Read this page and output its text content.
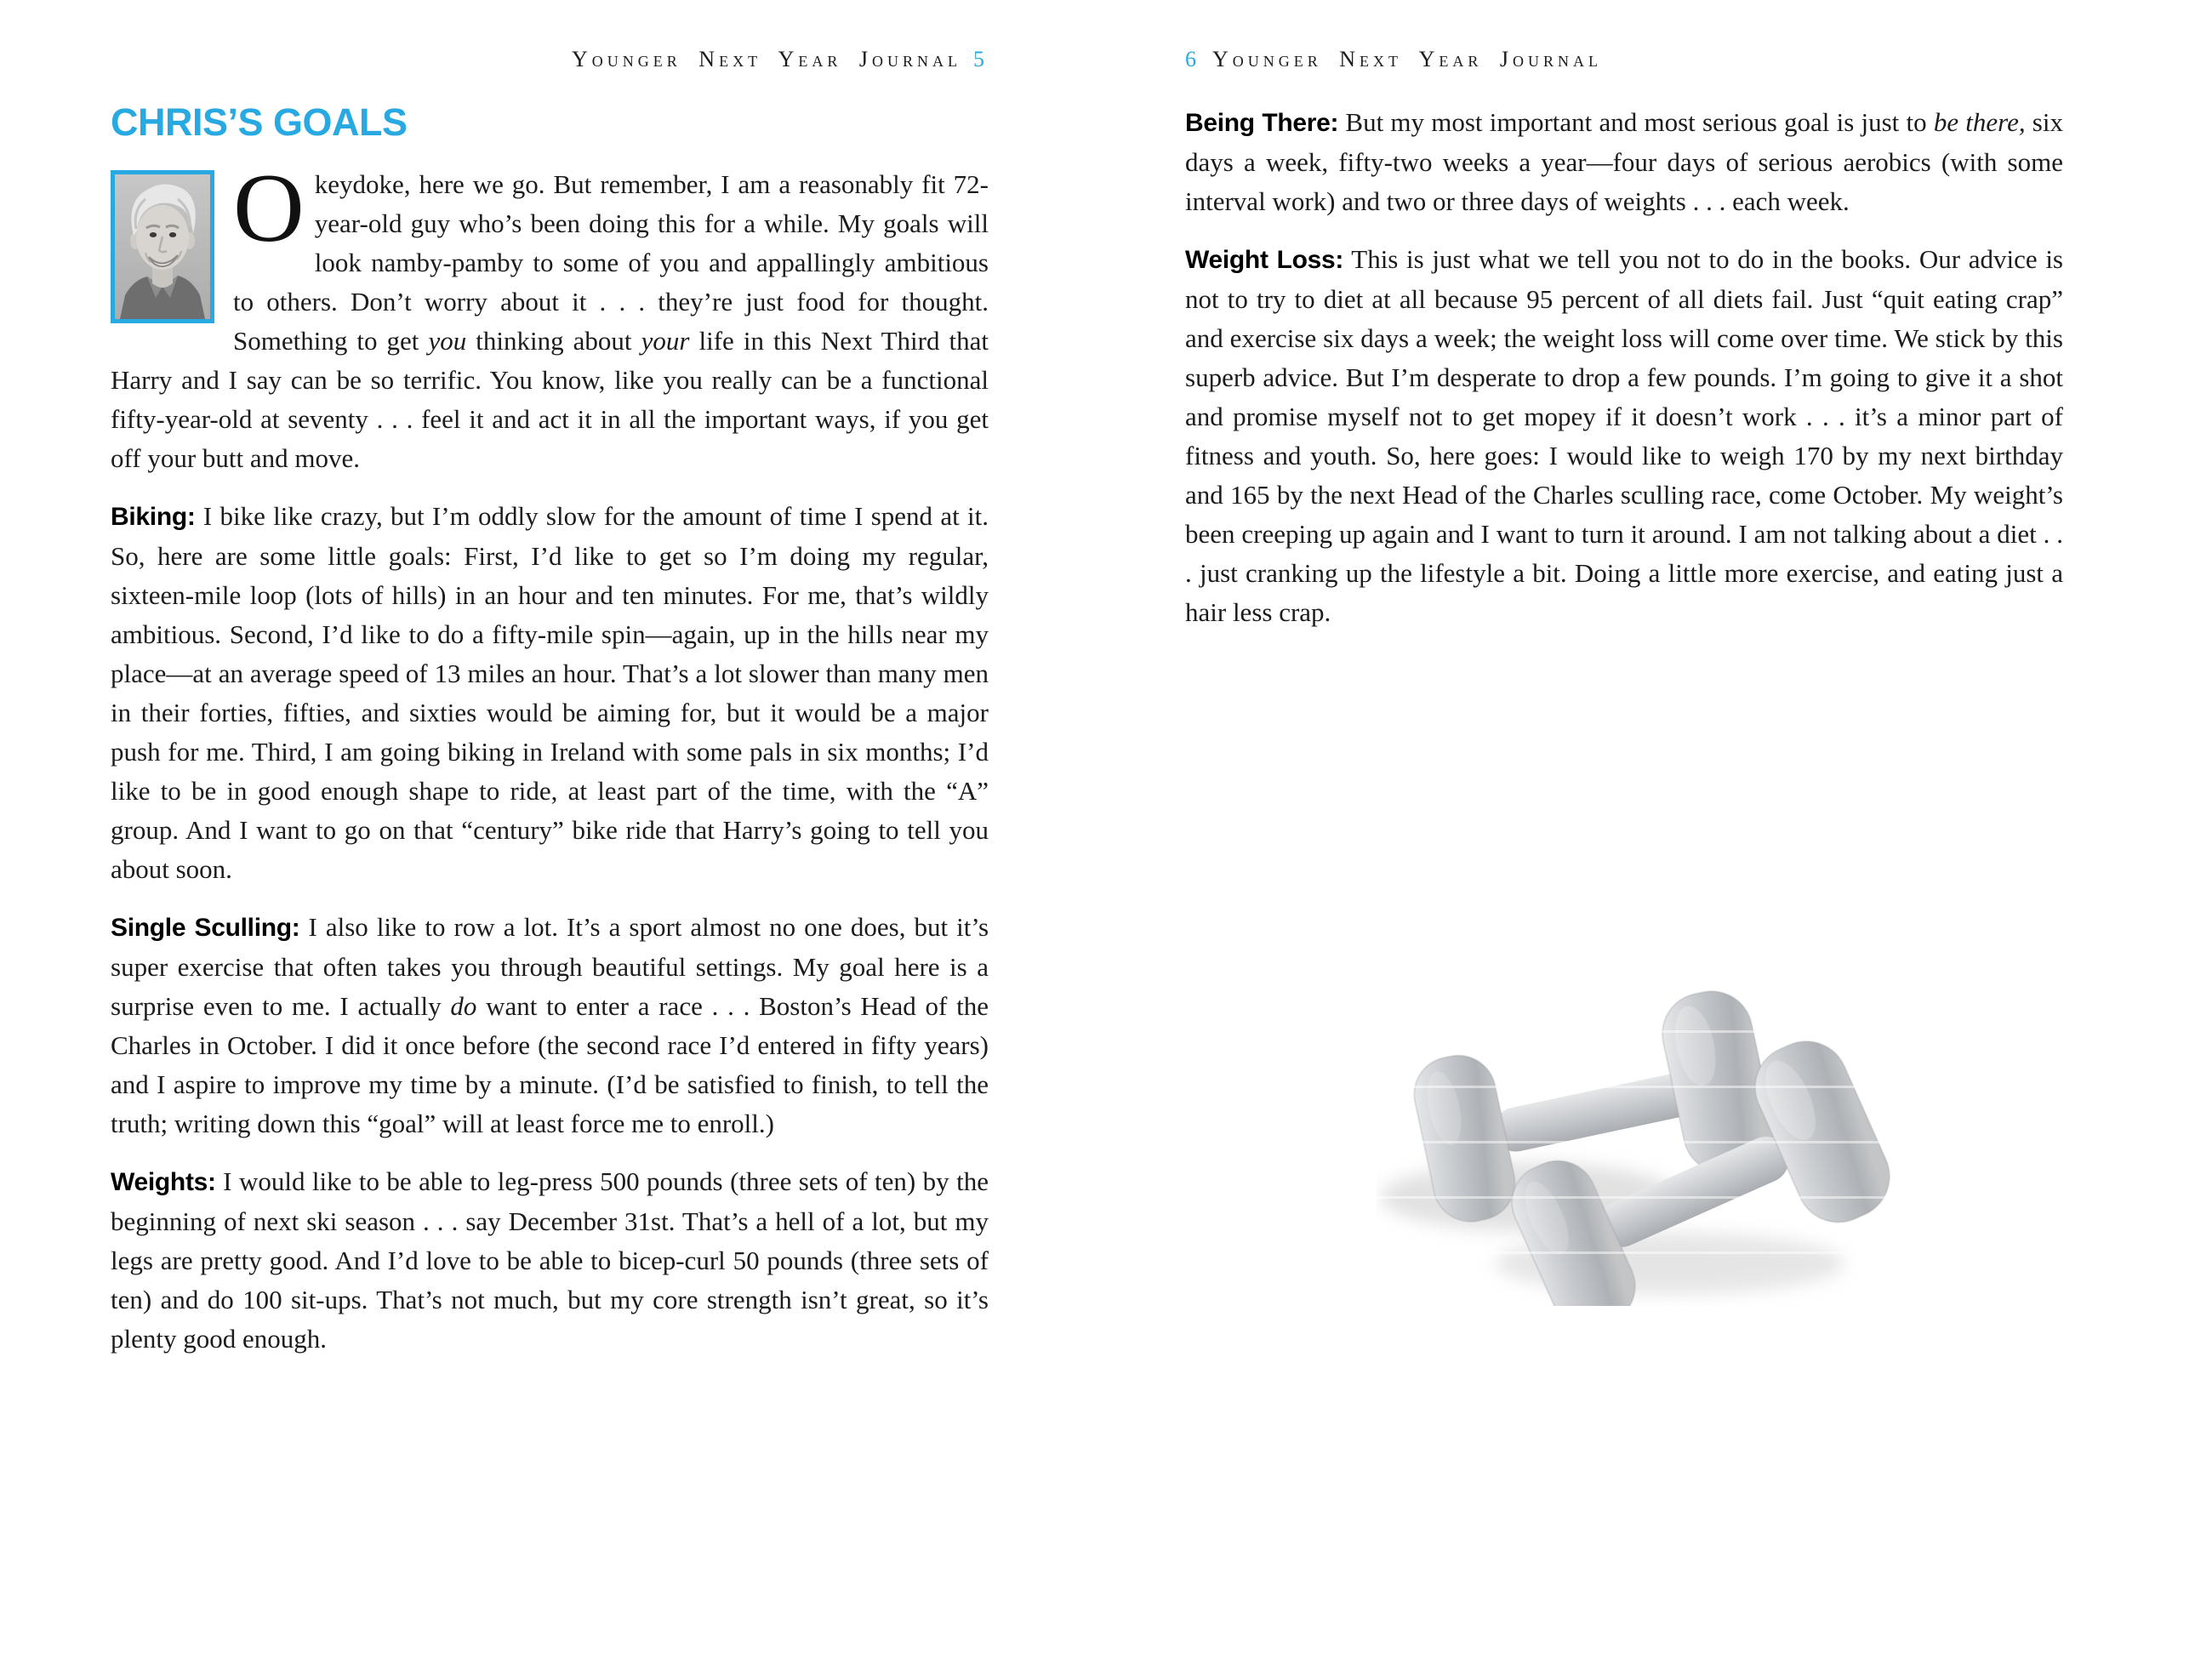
Younger Next Year Journal 5
CHRIS’S GOALS

Okeydoke, here we go. But remember, I am a reasonably fit 72-year-old guy who’s been doing this for a while. My goals will look namby-pamby to some of you and appallingly ambitious to others. Don’t worry about it . . . they’re just food for thought. Something to get you thinking about your life in this Next Third that Harry and I say can be so terrific. You know, like you really can be a functional fifty-year-old at seventy . . . feel it and act it in all the important ways, if you get off your butt and move.

Biking: I bike like crazy, but I’m oddly slow for the amount of time I spend at it. So, here are some little goals: First, I’d like to get so I’m doing my regular, sixteen-mile loop (lots of hills) in an hour and ten minutes. For me, that’s wildly ambitious. Second, I’d like to do a fifty-mile spin—again, up in the hills near my place—at an average speed of 13 miles an hour. That’s a lot slower than many men in their forties, fifties, and sixties would be aiming for, but it would be a major push for me. Third, I am going biking in Ireland with some pals in six months; I’d like to be in good enough shape to ride, at least part of the time, with the “A” group. And I want to go on that “century” bike ride that Harry’s going to tell you about soon.

Single Sculling: I also like to row a lot. It’s a sport almost no one does, but it’s super exercise that often takes you through beautiful settings. My goal here is a surprise even to me. I actually do want to enter a race . . . Boston’s Head of the Charles in October. I did it once before (the second race I’d entered in fifty years) and I aspire to improve my time by a minute. (I’d be satisfied to finish, to tell the truth; writing down this “goal” will at least force me to enroll.)

Weights: I would like to be able to leg-press 500 pounds (three sets of ten) by the beginning of next ski season . . . say December 31st. That’s a hell of a lot, but my legs are pretty good. And I’d love to be able to bicep-curl 50 pounds (three sets of ten) and do 100 sit-ups. That’s not much, but my core strength isn’t great, so it’s plenty good enough.

6 Younger Next Year Journal

Being There: But my most important and most serious goal is just to be there, six days a week, fifty-two weeks a year—four days of serious aerobics (with some interval work) and two or three days of weights . . . each week.

Weight Loss: This is just what we tell you not to do in the books. Our advice is not to try to diet at all because 95 percent of all diets fail. Just “quit eating crap” and exercise six days a week; the weight loss will come over time. We stick by this superb advice. But I’m desperate to drop a few pounds. I’m going to give it a shot and promise myself not to get mopey if it doesn’t work . . . it’s a minor part of fitness and youth. So, here goes: I would like to weigh 170 by my next birthday and 165 by the next Head of the Charles sculling race, come October. My weight’s been creeping up again and I want to turn it around. I am not talking about a diet . . . just cranking up the lifestyle a bit. Doing a little more exercise, and eating just a hair less crap.
